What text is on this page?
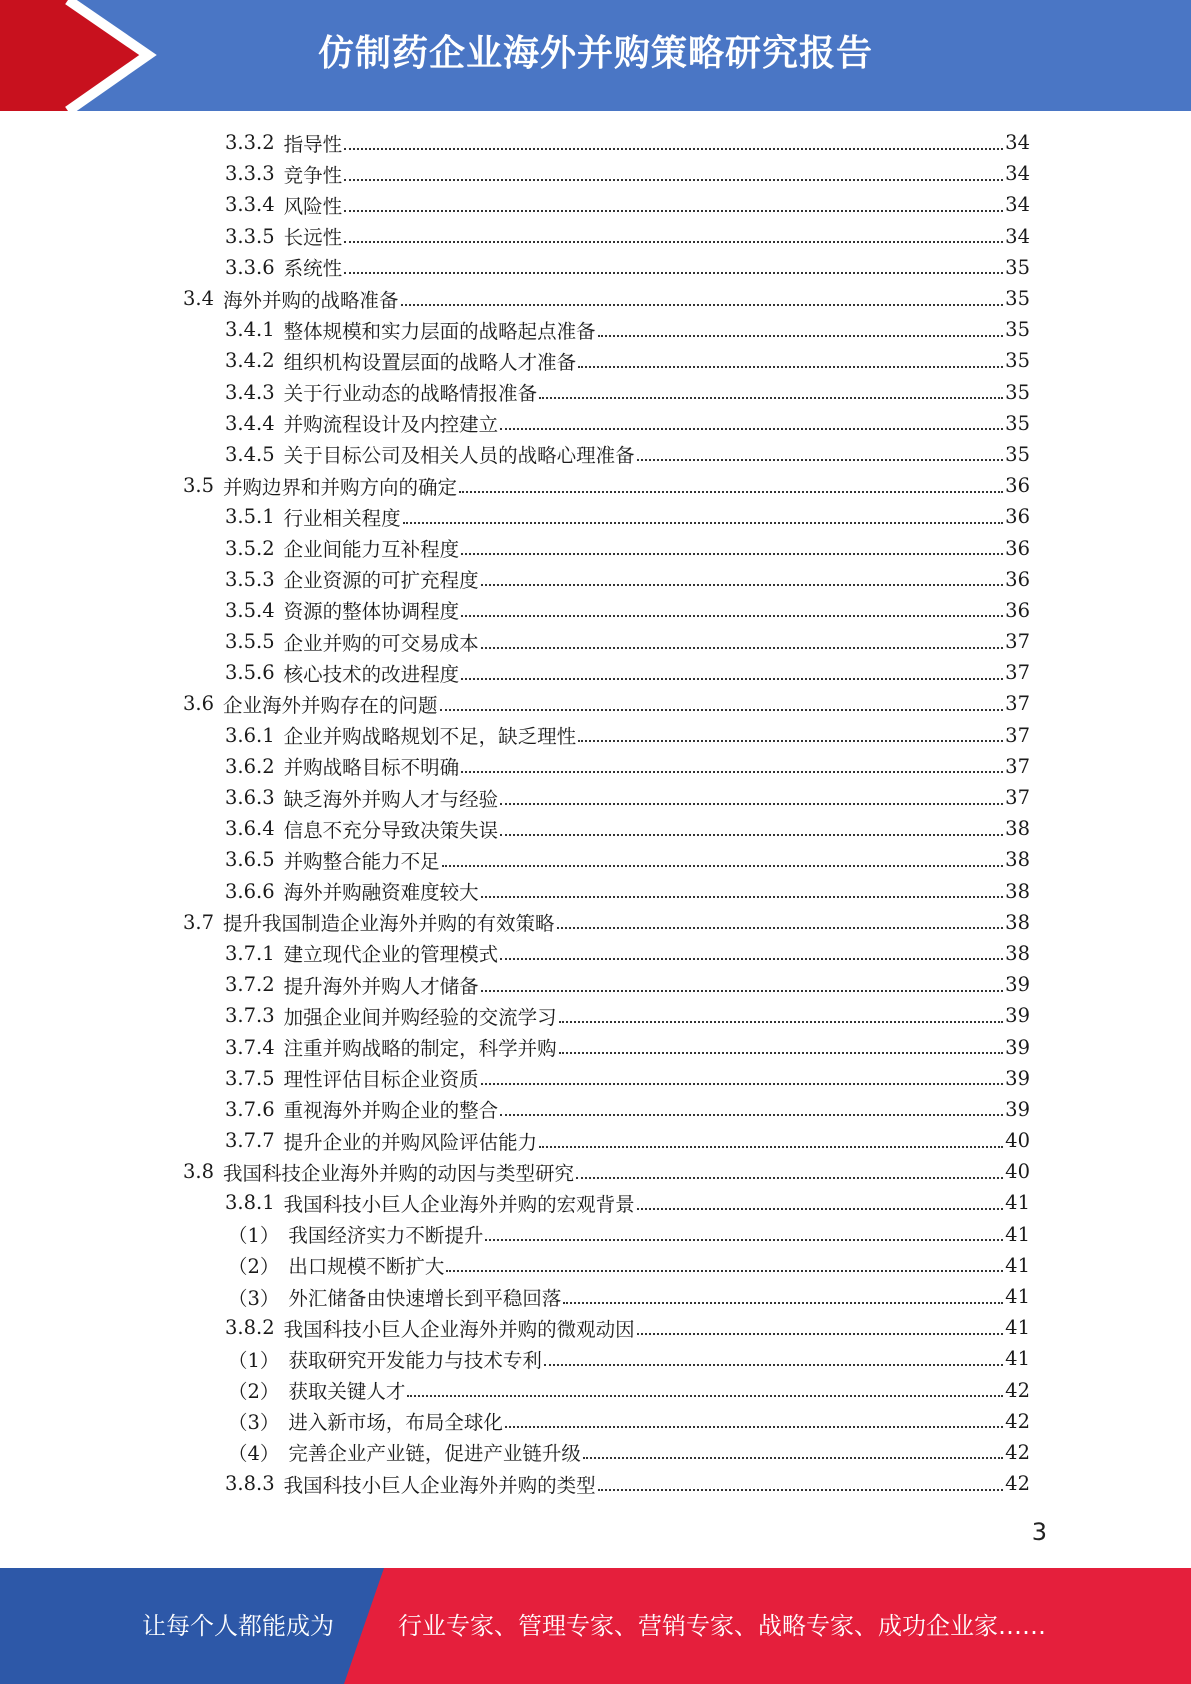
仿制药企业海外并购策略研究报告
3.3.2 指导性	34
3.3.3 竞争性	34
3.3.4 风险性	34
3.3.5 长远性	34
3.3.6 系统性	35
3.4 海外并购的战略准备	35
3.4.1 整体规模和实力层面的战略起点准备	35
3.4.2 组织机构设置层面的战略人才准备	35
3.4.3 关于行业动态的战略情报准备	35
3.4.4 并购流程设计及内控建立	35
3.4.5 关于目标公司及相关人员的战略心理准备	35
3.5 并购边界和并购方向的确定	36
3.5.1 行业相关程度	36
3.5.2 企业间能力互补程度	36
3.5.3 企业资源的可扩充程度	36
3.5.4 资源的整体协调程度	36
3.5.5 企业并购的可交易成本	37
3.5.6 核心技术的改进程度	37
3.6 企业海外并购存在的问题	37
3.6.1 企业并购战略规划不足，缺乏理性	37
3.6.2 并购战略目标不明确	37
3.6.3 缺乏海外并购人才与经验	37
3.6.4 信息不充分导致决策失误	38
3.6.5 并购整合能力不足	38
3.6.6 海外并购融资难度较大	38
3.7 提升我国制造企业海外并购的有效策略	38
3.7.1 建立现代企业的管理模式	38
3.7.2 提升海外并购人才储备	39
3.7.3 加强企业间并购经验的交流学习	39
3.7.4 注重并购战略的制定，科学并购	39
3.7.5 理性评估目标企业资质	39
3.7.6 重视海外并购企业的整合	39
3.7.7 提升企业的并购风险评估能力	40
3.8 我国科技企业海外并购的动因与类型研究	40
3.8.1 我国科技小巨人企业海外并购的宏观背景	41
（1） 我国经济实力不断提升	41
（2） 出口规模不断扩大	41
（3） 外汇储备由快速增长到平稳回落	41
3.8.2 我国科技小巨人企业海外并购的微观动因	41
（1） 获取研究开发能力与技术专利	41
（2） 获取关键人才	42
（3） 进入新市场，布局全球化	42
（4） 完善企业产业链，促进产业链升级	42
3.8.3 我国科技小巨人企业海外并购的类型	42
3
让每个人都能成为	行业专家、管理专家、营销专家、战略专家、成功企业家……
